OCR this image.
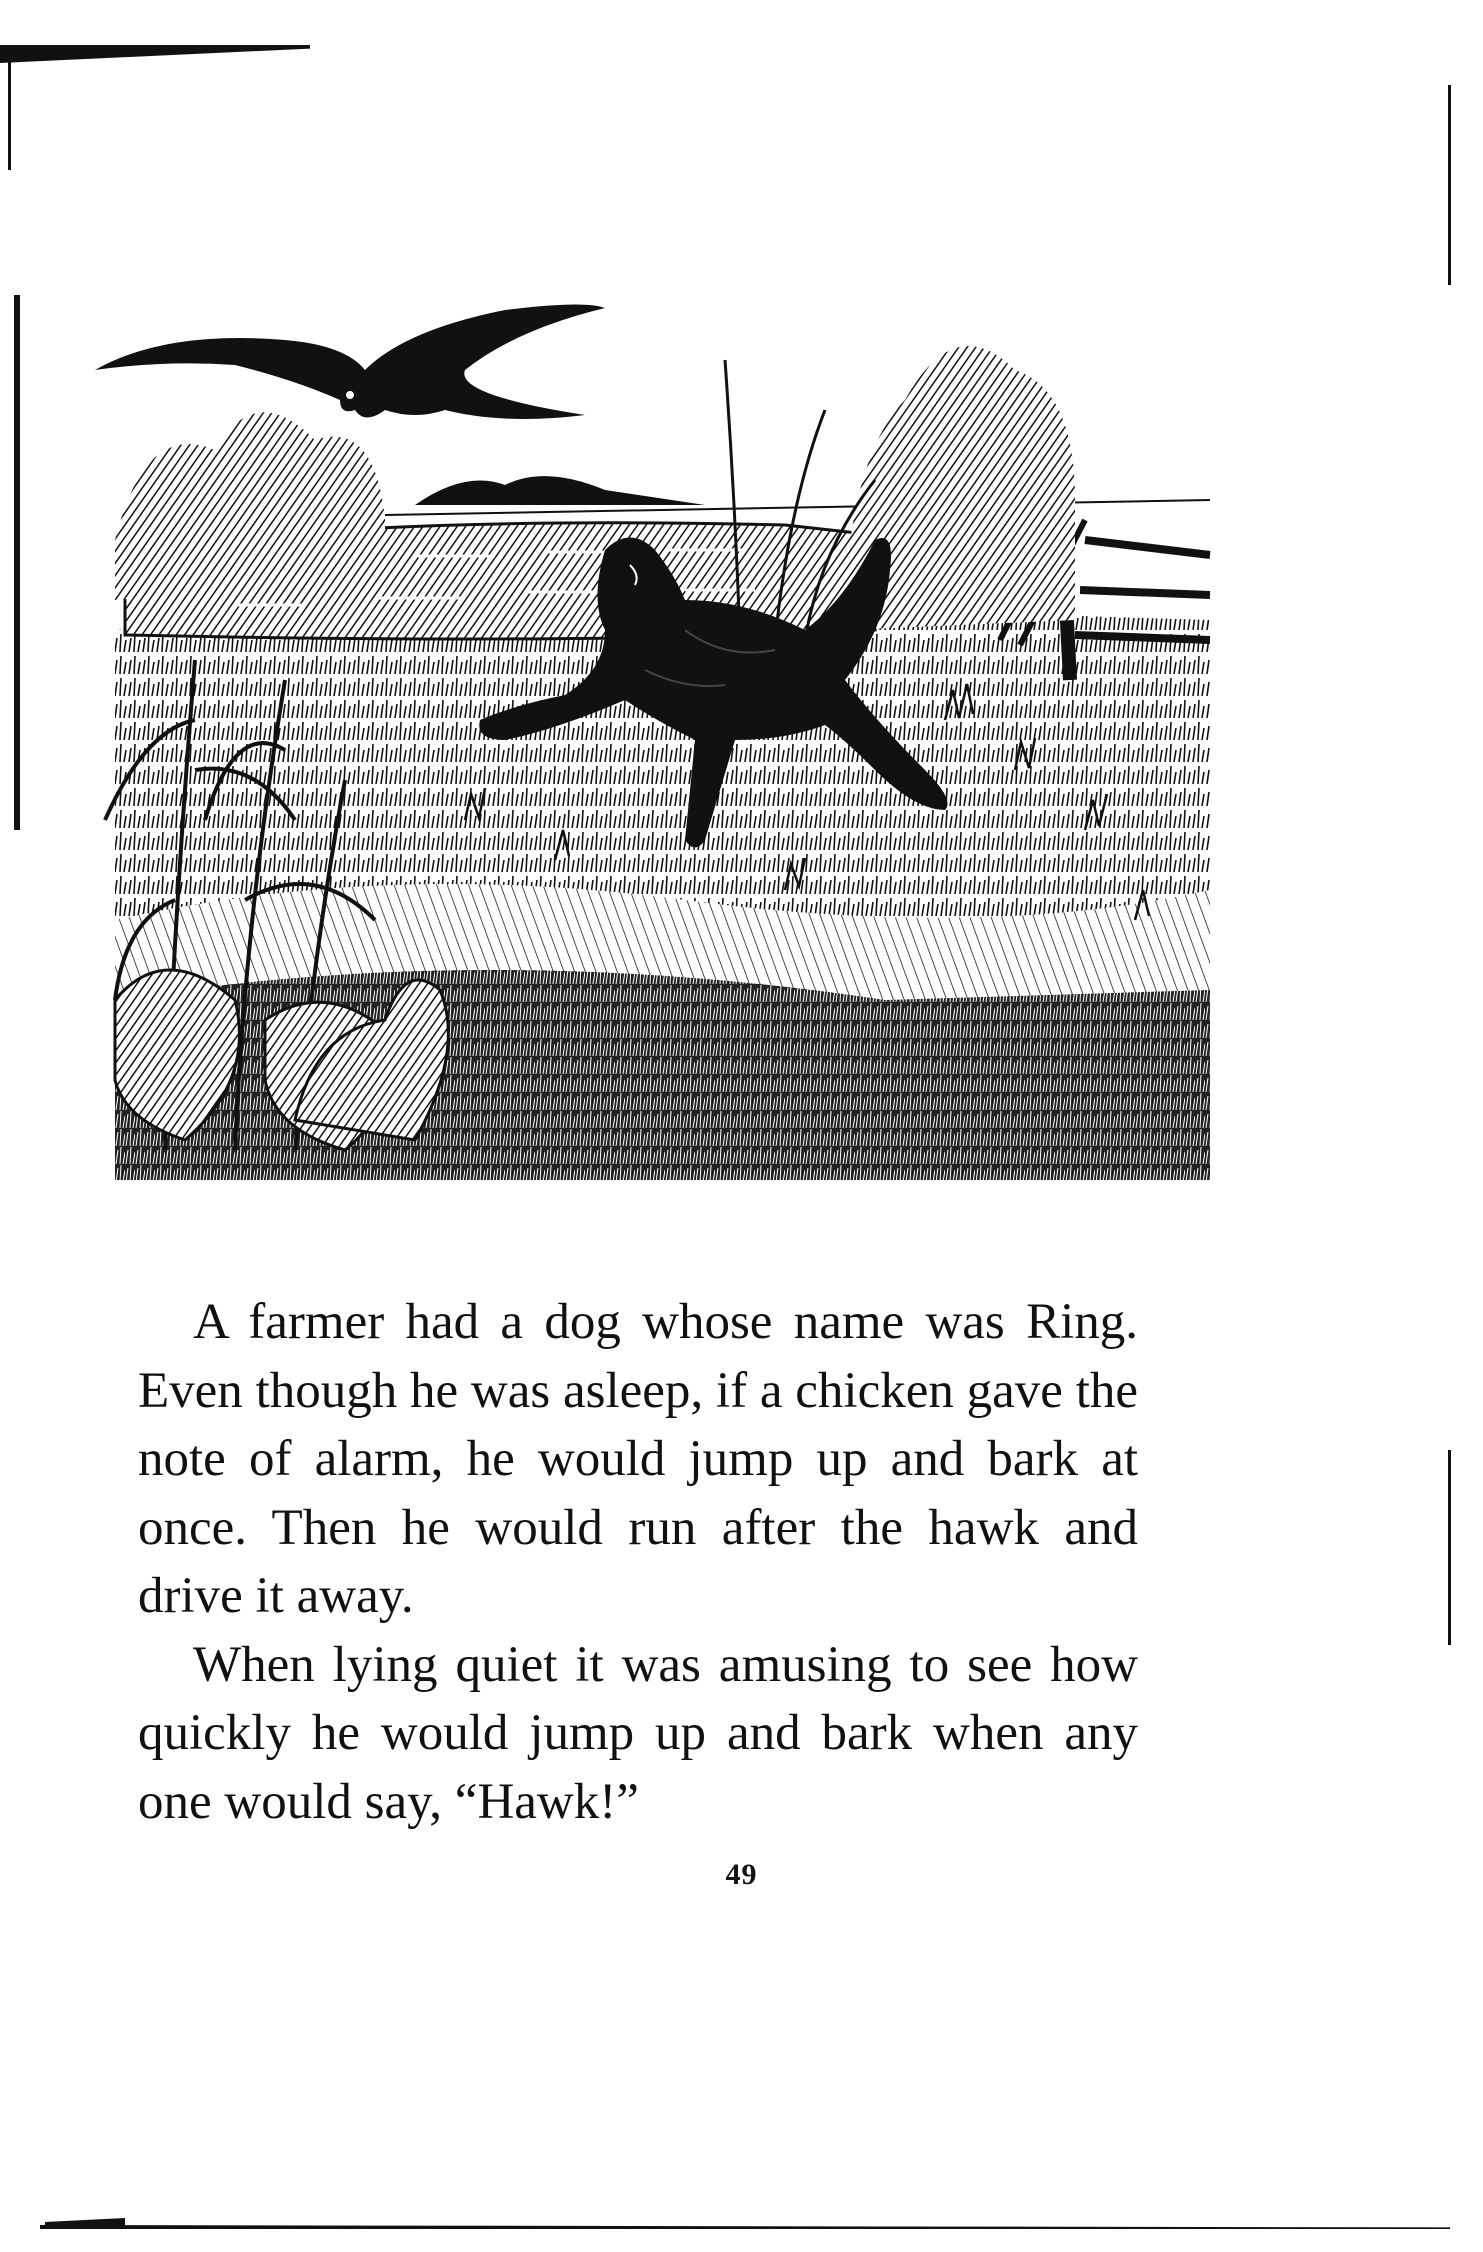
A farmer had a dog whose name was Ring. Even though he was asleep, if a chicken gave the note of alarm, he would jump up and bark at once. Then he would run after the hawk and drive it away.

When lying quiet it was amusing to see how quickly he would jump up and bark when any one would say, “Hawk!”

49
